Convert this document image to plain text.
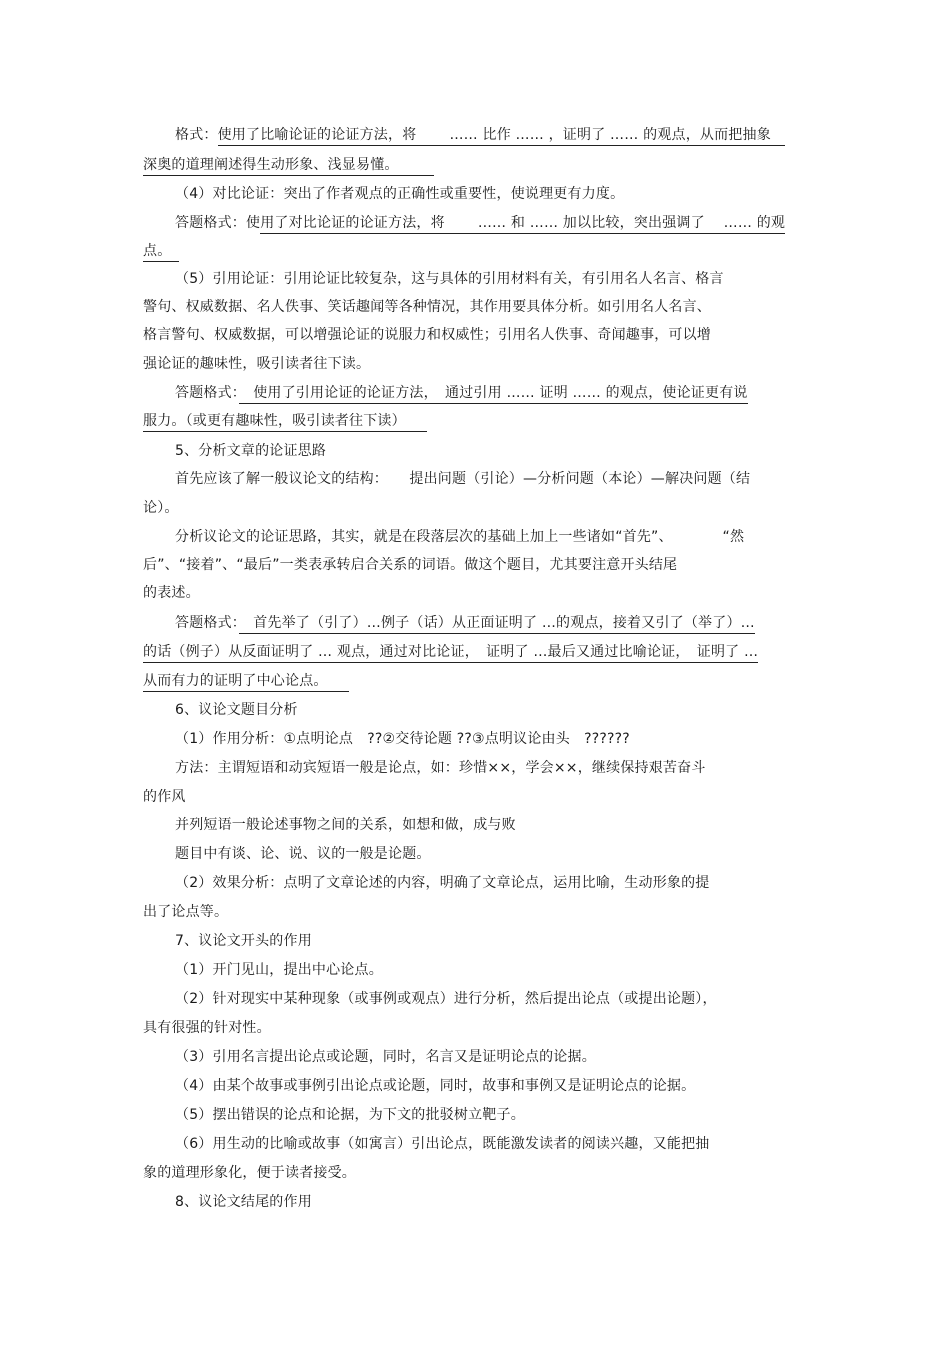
格式：使用了比喻论证的论证方法，将　　 …… 比作 …… ，证明了 …… 的观点，从而把抽象　
深奥的道理阐述得生动形象、浅显易懂。　　　
（4）对比论证：突出了作者观点的正确性或重要性，使说理更有力度。
答题格式：使用了对比论证的论证方法，将　　 …… 和 …… 加以比较，突出强调了　 …… 的观
点。　
（5）引用论证：引用论证比较复杂，这与具体的引用材料有关，有引用名人名言、格言
警句、权威数据、名人佚事、笑话趣闻等各种情况，其作用要具体分析。如引用名人名言、
格言警句、权威数据，可以增强论证的说服力和权威性；引用名人佚事、奇闻趣事，可以增
强论证的趣味性，吸引读者往下读。
答题格式：　使用了引用论证的论证方法，　通过引用 …… 证明 …… 的观点，使论证更有说
服力。（或更有趣味性，吸引读者往下读）　　
5、分析文章的论证思路
首先应该了解一般议论文的结构：　　提出问题（引论）—分析问题（本论）—解决问题（结
论）。
分析议论文的论证思路，其实，就是在段落层次的基础上加上一些诸如“首先”、　　　　“然
后”、“接着”、“最后”一类表承转启合关系的词语。做这个题目，尤其要注意开头结尾
的表述。
答题格式：　首先举了（引了）…例子（话）从正面证明了 …的观点，接着又引了（举了）…
的话（例子）从反面证明了 … 观点，通过对比论证，　证明了 …最后又通过比喻论证，　证明了 …
从而有力的证明了中心论点。　　
6、议论文题目分析
（1）作用分析：①点明论点　??②交待论题 ??③点明议论由头　??????
方法：主谓短语和动宾短语一般是论点，如：珍惜××，学会××，继续保持艰苦奋斗
的作风
并列短语一般论述事物之间的关系，如想和做，成与败
题目中有谈、论、说、议的一般是论题。
（2）效果分析：点明了文章论述的内容，明确了文章论点，运用比喻，生动形象的提
出了论点等。
7、议论文开头的作用
（1）开门见山，提出中心论点。
（2）针对现实中某种现象（或事例或观点）进行分析，然后提出论点（或提出论题），
具有很强的针对性。
（3）引用名言提出论点或论题，同时，名言又是证明论点的论据。
（4）由某个故事或事例引出论点或论题，同时，故事和事例又是证明论点的论据。
（5）摆出错误的论点和论据，为下文的批驳树立靶子。
（6）用生动的比喻或故事（如寓言）引出论点，既能激发读者的阅读兴趣，又能把抽
象的道理形象化，便于读者接受。
8、议论文结尾的作用
